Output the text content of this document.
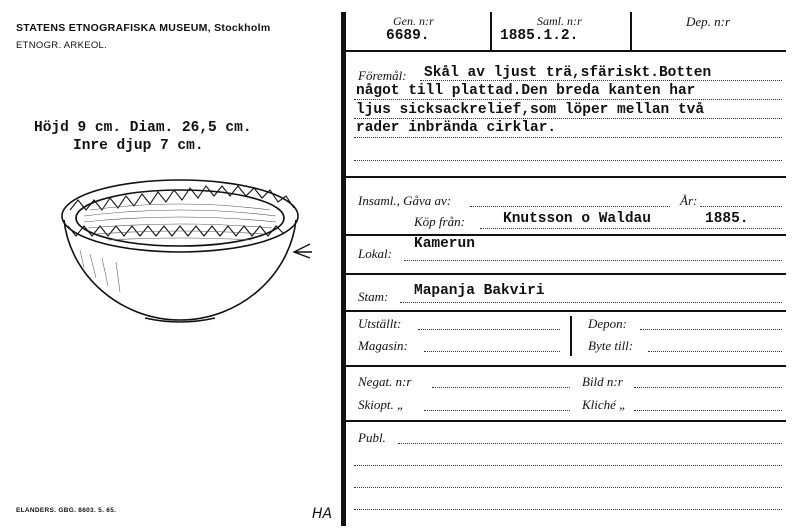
STATENS ETNOGRAFISKA MUSEUM, Stockholm
ETNOGR. ARKEOL.
Höjd 9 cm. Diam. 26,5 cm.
Inre djup 7 cm.
ELANDERS. GBG. 8603. 5. 65.	HA
Gen. n:r
6689.
Saml. n:r
1885.1.2.
Dep. n:r
Föremål: Skål av ljust trä,sfäriskt.Botten
något till plattad.Den breda kanten har
ljus sicksackrelief,som löper mellan två
rader inbrända cirklar.
Insaml., Gåva av:	År:
Köp från:	Knutsson o Waldau	1885.
Lokal:
Kamerun
Stam: Mapanja Bakviri
Utställt:
Magasin:
Depon:
Byte till:
Negat. n:r	Bild n:r
Skiopt. „	Kliché „
Publ.
